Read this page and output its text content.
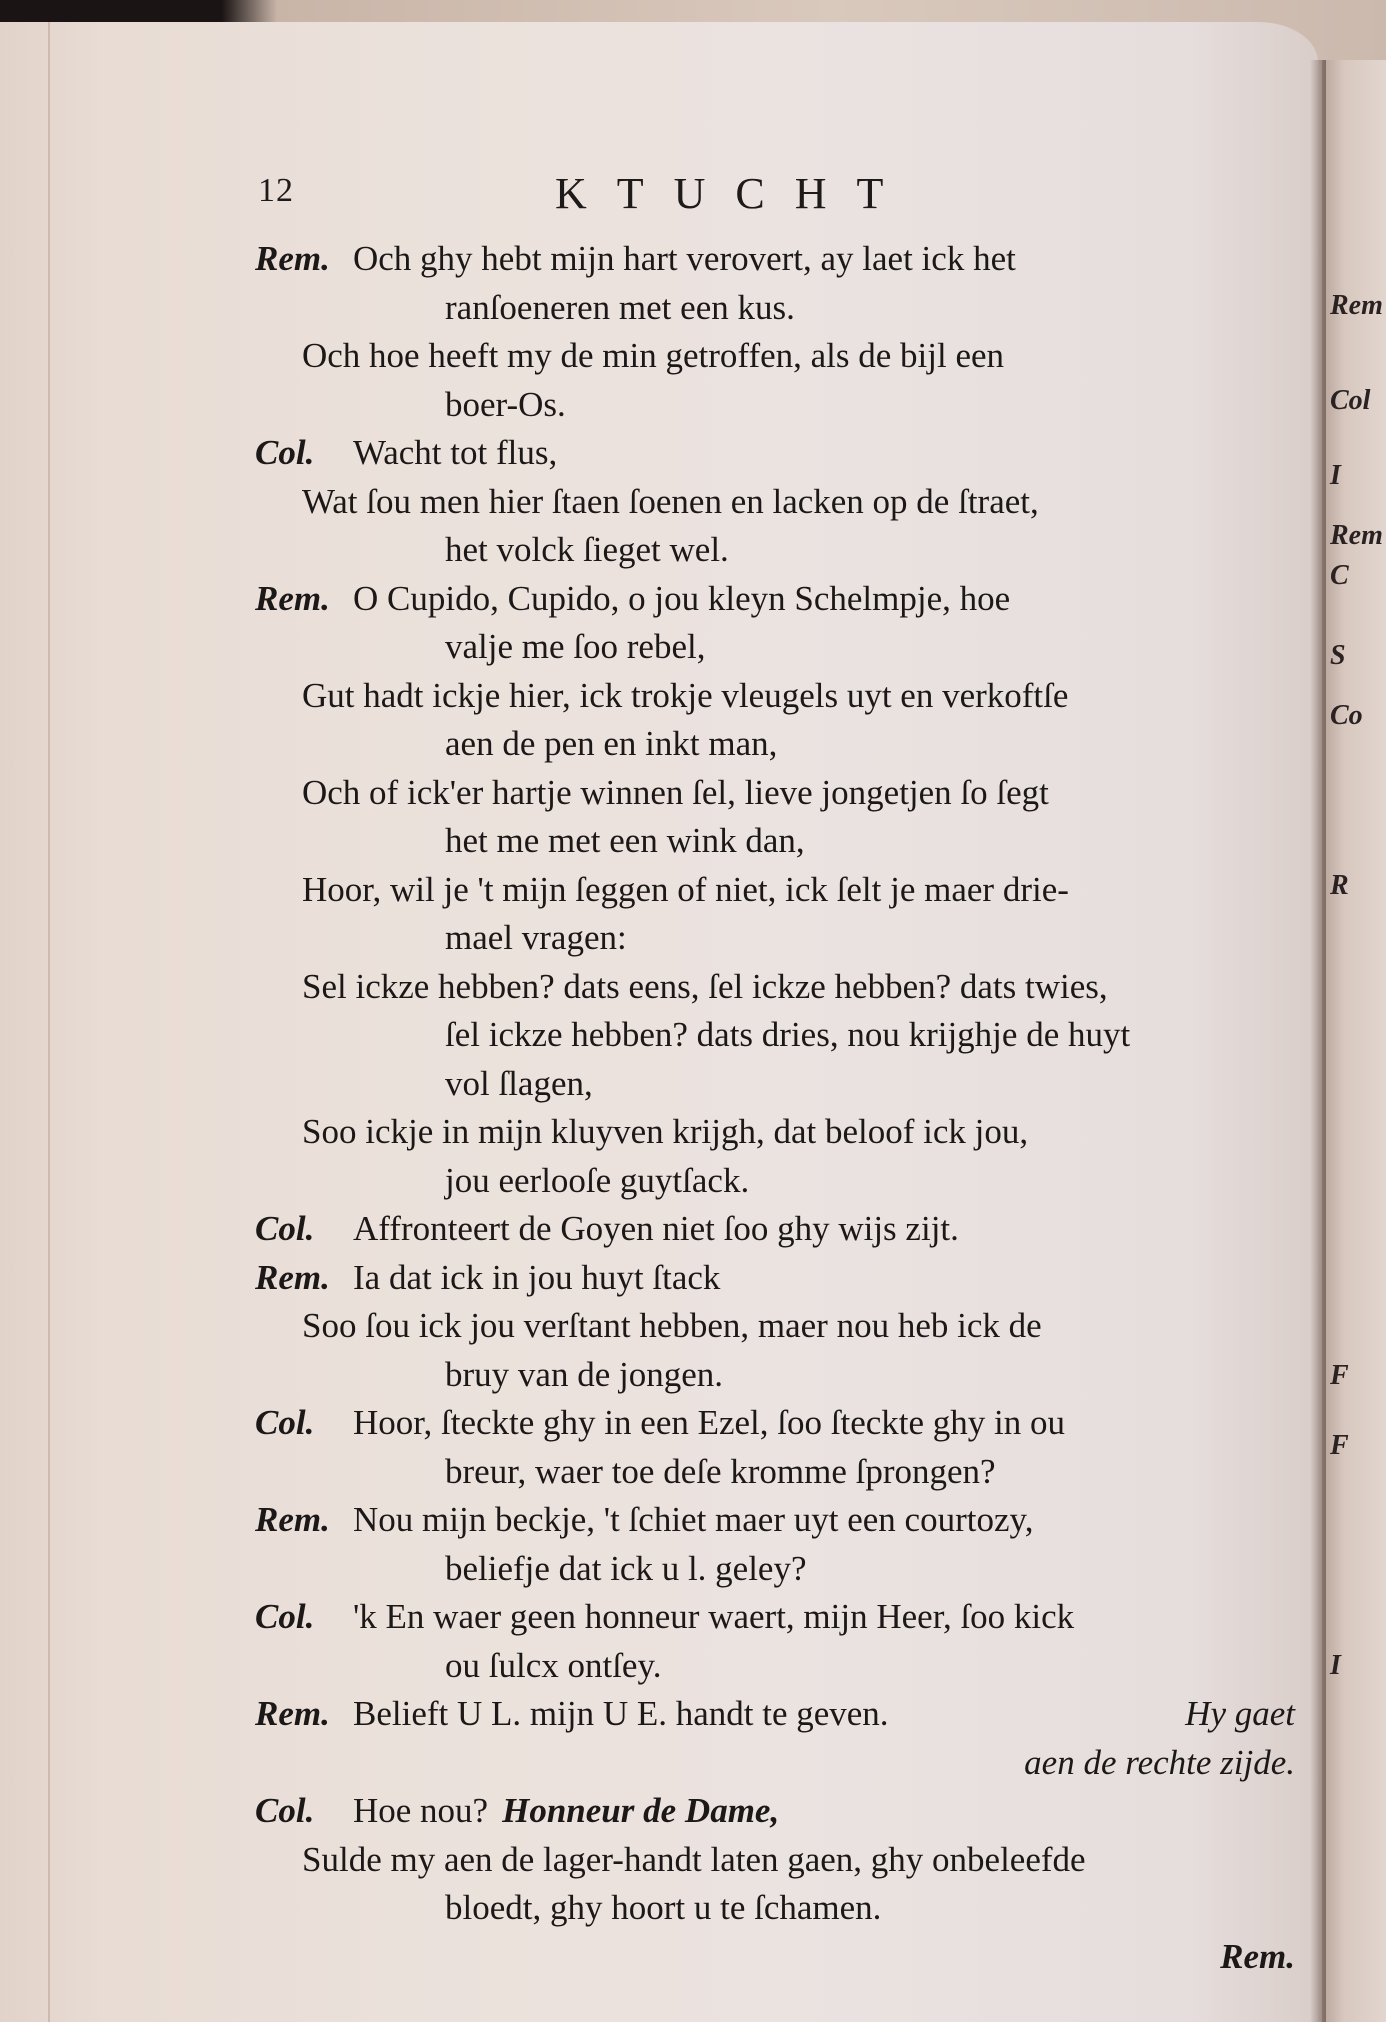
12	KTUCHT
Rem. Och ghy hebt mijn hart verovert, ay laet ick het
ranſoeneren met een kus.
Och hoe heeft my de min getroffen, als de bijl een
boer-Os.
Col. Wacht tot flus,
Wat ſou men hier ſtaen ſoenen en lacken op de ſtraet,
het volck ſieget wel.
Rem. O Cupido, Cupido, o jou kleyn Schelmpje, hoe
valje me ſoo rebel,
Gut hadt ickje hier, ick trokje vleugels uyt en verkoftſe
aen de pen en inkt man,
Och of ick'er hartje winnen ſel, lieve jongetjen ſo ſegt
het me met een wink dan,
Hoor, wil je 't mijn ſeggen of niet, ick ſelt je maer drie-
mael vragen:
Sel ickze hebben? dats eens, ſel ickze hebben? dats twies,
ſel ickze hebben? dats dries, nou krijghje de huyt
vol ſlagen,
Soo ickje in mijn kluyven krijgh, dat beloof ick jou,
jou eerlooſe guytſack.
Col. Affronteert de Goyen niet ſoo ghy wijs zijt.
Rem. Ia dat ick in jou huyt ſtack
Soo ſou ick jou verſtant hebben, maer nou heb ick de
bruy van de jongen.
Col. Hoor, ſteckte ghy in een Ezel, ſoo ſteckte ghy in ou
breur, waer toe deſe kromme ſprongen?
Rem. Nou mijn beckje, 't ſchiet maer uyt een courtozy,
beliefje dat ick u l. geley?
Col. 'k En waer geen honneur waert, mijn Heer, ſoo kick
ou ſulcx ontſey.
Rem. Belieft U L. mijn U E. handt te geven.	Hy gaet
aen de rechte zijde.
Col. Hoe nou? Honneur de Dame,
Sulde my aen de lager-handt laten gaen, ghy onbeleefde
bloedt, ghy hoort u te ſchamen.
Rem.
Rem
Col
I
Rem
C
S
Co
R
F
F
I
